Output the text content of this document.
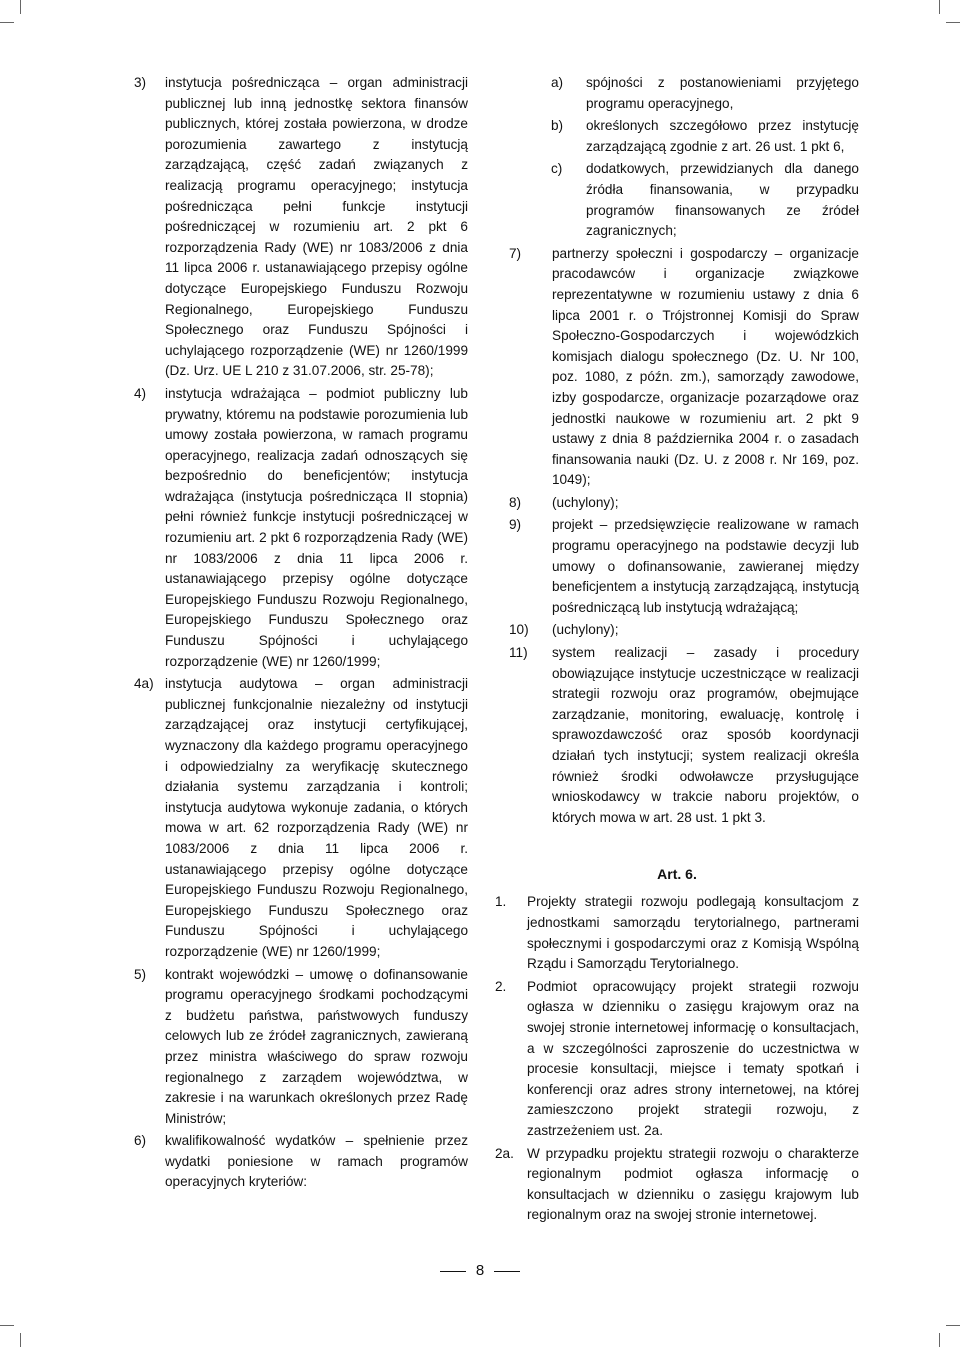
3) instytucja pośrednicząca – organ administracji publicznej lub inną jednostkę sektora finansów publicznych, której została powierzona, w drodze porozumienia zawartego z instytucją zarządzającą, część zadań związanych z realizacją programu operacyjnego; instytucja pośrednicząca pełni funkcje instytucji pośredniczącej w rozumieniu art. 2 pkt 6 rozporządzenia Rady (WE) nr 1083/2006 z dnia 11 lipca 2006 r. ustanawiającego przepisy ogólne dotyczące Europejskiego Funduszu Rozwoju Regionalnego, Europejskiego Funduszu Społecznego oraz Funduszu Spójności i uchylającego rozporządzenie (WE) nr 1260/1999 (Dz. Urz. UE L 210 z 31.07.2006, str. 25-78);
4) instytucja wdrażająca – podmiot publiczny lub prywatny, któremu na podstawie porozumienia lub umowy została powierzona, w ramach programu operacyjnego, realizacja zadań odnoszących się bezpośrednio do beneficjentów; instytucja wdrażająca (instytucja pośrednicząca II stopnia) pełni również funkcje instytucji pośredniczącej w rozumieniu art. 2 pkt 6 rozporządzenia Rady (WE) nr 1083/2006 z dnia 11 lipca 2006 r. ustanawiającego przepisy ogólne dotyczące Europejskiego Funduszu Rozwoju Regionalnego, Europejskiego Funduszu Społecznego oraz Funduszu Spójności i uchylającego rozporządzenie (WE) nr 1260/1999;
4a) instytucja audytowa – organ administracji publicznej funkcjonalnie niezależny od instytucji zarządzającej oraz instytucji certyfikującej, wyznaczony dla każdego programu operacyjnego i odpowiedzialny za weryfikację skutecznego działania systemu zarządzania i kontroli; instytucja audytowa wykonuje zadania, o których mowa w art. 62 rozporządzenia Rady (WE) nr 1083/2006 z dnia 11 lipca 2006 r. ustanawiającego przepisy ogólne dotyczące Europejskiego Funduszu Rozwoju Regionalnego, Europejskiego Funduszu Społecznego oraz Funduszu Spójności i uchylającego rozporządzenie (WE) nr 1260/1999;
5) kontrakt wojewódzki – umowę o dofinansowanie programu operacyjnego środkami pochodzącymi z budżetu państwa, państwowych funduszy celowych lub ze źródeł zagranicznych, zawieraną przez ministra właściwego do spraw rozwoju regionalnego z zarządem województwa, w zakresie i na warunkach określonych przez Radę Ministrów;
6) kwalifikowalność wydatków – spełnienie przez wydatki poniesione w ramach programów operacyjnych kryteriów:
a) spójności z postanowieniami przyjętego programu operacyjnego,
b) określonych szczegółowo przez instytucję zarządzającą zgodnie z art. 26 ust. 1 pkt 6,
c) dodatkowych, przewidzianych dla danego źródła finansowania, w przypadku programów finansowanych ze źródeł zagranicznych;
7) partnerzy społeczni i gospodarczy – organizacje pracodawców i organizacje związkowe reprezentatywne w rozumieniu ustawy z dnia 6 lipca 2001 r. o Trójstronnej Komisji do Spraw Społeczno-Gospodarczych i wojewódzkich komisjach dialogu społecznego (Dz. U. Nr 100, poz. 1080, z późn. zm.), samorządy zawodowe, izby gospodarcze, organizacje pozarządowe oraz jednostki naukowe w rozumieniu art. 2 pkt 9 ustawy z dnia 8 października 2004 r. o zasadach finansowania nauki (Dz. U. z 2008 r. Nr 169, poz. 1049);
8) (uchylony);
9) projekt – przedsięwzięcie realizowane w ramach programu operacyjnego na podstawie decyzji lub umowy o dofinansowanie, zawieranej między beneficjentem a instytucją zarządzającą, instytucją pośredniczącą lub instytucją wdrażającą;
10) (uchylony);
11) system realizacji – zasady i procedury obowiązujące instytucje uczestniczące w realizacji strategii rozwoju oraz programów, obejmujące zarządzanie, monitoring, ewaluację, kontrolę i sprawozdawczość oraz sposób koordynacji działań tych instytucji; system realizacji określa również środki odwoławcze przysługujące wnioskodawcy w trakcie naboru projektów, o których mowa w art. 28 ust. 1 pkt 3.
Art. 6.
1. Projekty strategii rozwoju podlegają konsultacjom z jednostkami samorządu terytorialnego, partnerami społecznymi i gospodarczymi oraz z Komisją Wspólną Rządu i Samorządu Terytorialnego.
2. Podmiot opracowujący projekt strategii rozwoju ogłasza w dzienniku o zasięgu krajowym oraz na swojej stronie internetowej informację o konsultacjach, a w szczególności zaproszenie do uczestnictwa w procesie konsultacji, miejsce i tematy spotkań i konferencji oraz adres strony internetowej, na której zamieszczono projekt strategii rozwoju, z zastrzeżeniem ust. 2a.
2a. W przypadku projektu strategii rozwoju o charakterze regionalnym podmiot ogłasza informację o konsultacjach w dzienniku o zasięgu krajowym lub regionalnym oraz na swojej stronie internetowej.
8
